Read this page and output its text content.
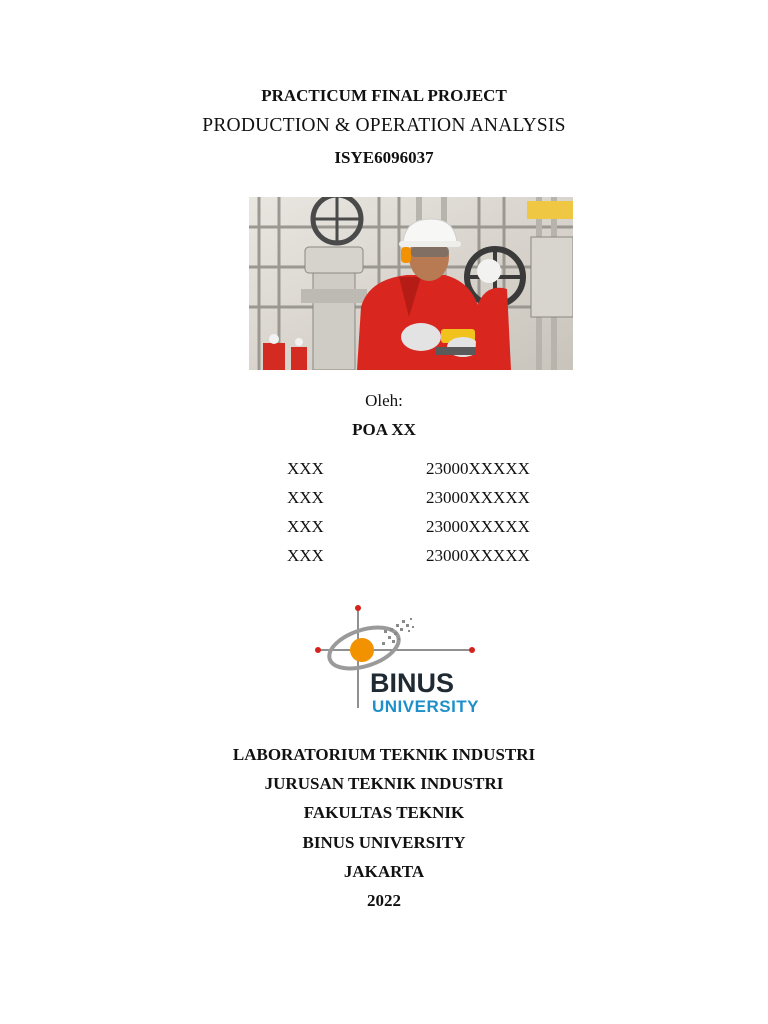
PRACTICUM FINAL PROJECT
PRODUCTION & OPERATION ANALYSIS
ISYE6096037
Oleh:
POA XX
XXX	23000XXXXX
XXX	23000XXXXX
XXX	23000XXXXX
XXX	23000XXXXX
BINUS
UNIVERSITY
LABORATORIUM TEKNIK INDUSTRI
JURUSAN TEKNIK INDUSTRI
FAKULTAS TEKNIK
BINUS UNIVERSITY
JAKARTA
2022
